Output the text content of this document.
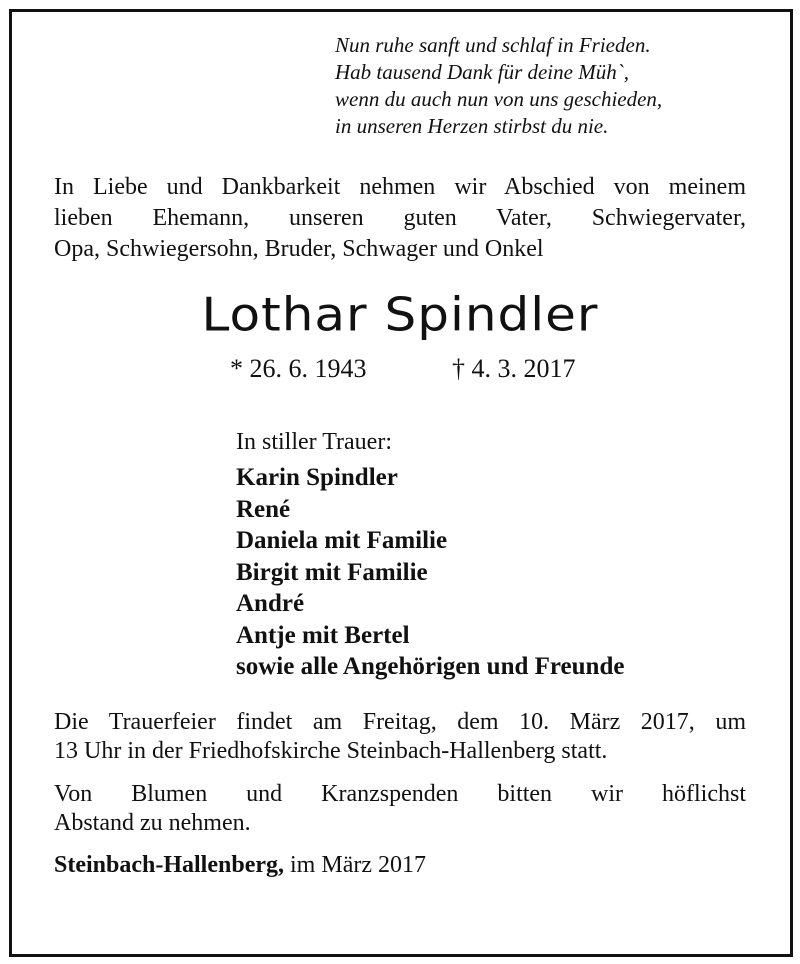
Nun ruhe sanft und schlaf in Frieden.
Hab tausend Dank für deine Müh`,
wenn du auch nun von uns geschieden,
in unseren Herzen stirbst du nie.
In Liebe und Dankbarkeit nehmen wir Abschied von meinem
lieben Ehemann, unseren guten Vater, Schwiegervater,
Opa, Schwiegersohn, Bruder, Schwager und Onkel
Lothar Spindler
* 26. 6. 1943	† 4. 3. 2017
In stiller Trauer:
Karin Spindler
René
Daniela mit Familie
Birgit mit Familie
André
Antje mit Bertel
sowie alle Angehörigen und Freunde
Die Trauerfeier findet am Freitag, dem 10. März 2017, um
13 Uhr in der Friedhofskirche Steinbach-Hallenberg statt.
Von Blumen und Kranzspenden bitten wir höflichst
Abstand zu nehmen.
Steinbach-Hallenberg, im März 2017
